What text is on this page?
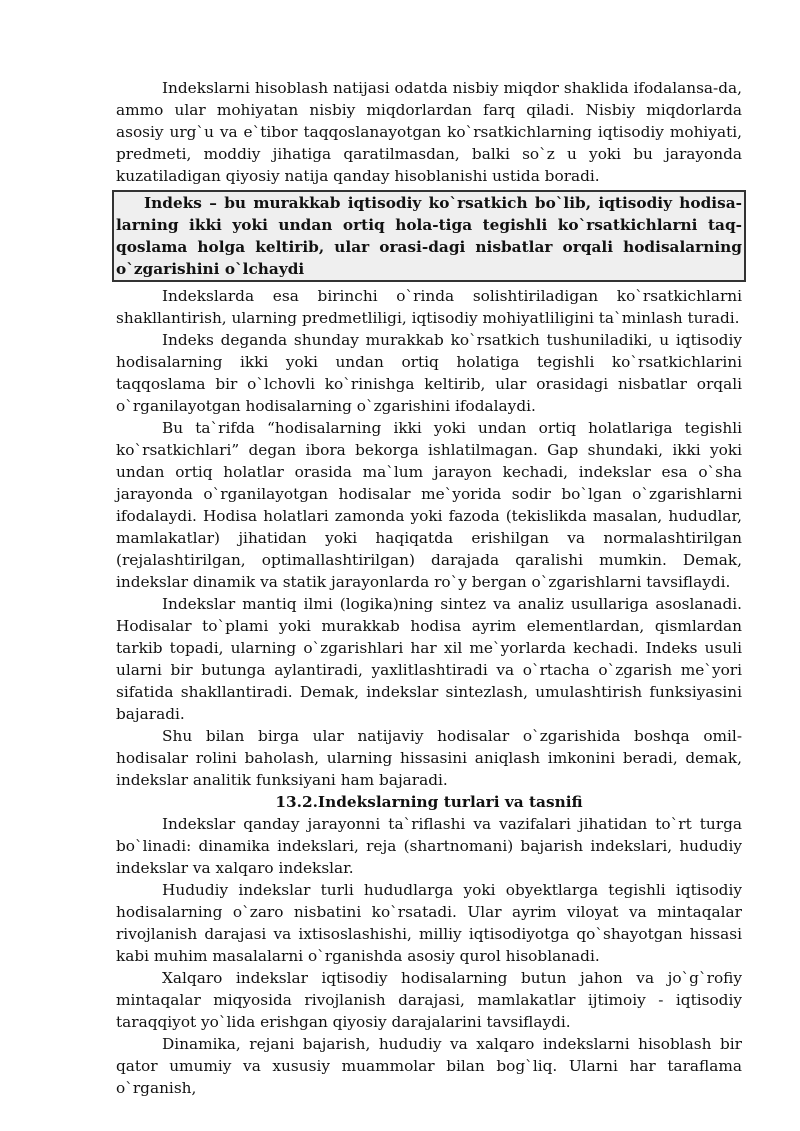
Indekslarni hisoblash natijasi odatda nisbiy miqdor shaklida ifodalansa-da, ammo ular mohiyatan nisbiy miqdorlardan farq qiladi. Nisbiy miqdorlarda asosiy urg`u va e`tibor taqqoslanayotgan ko`rsatkichlarning iqtisodiy mohiyati, predmeti, moddiy jihatiga qaratilmasdan, balki so`z u yoki bu jarayonda kuzatiladigan qiyosiy natija qanday hisoblanishi ustida boradi.

Indeks – bu murakkab iqtisodiy ko`rsatkich bo`lib, iqtisodiy hodisa-larning ikki yoki undan ortiq hola-tiga tegishli ko`rsatkichlarni taq-qoslama holga keltirib, ular orasi-dagi nisbatlar orqali hodisalarning o`zgarishini o`lchaydi

Indekslarda esa birinchi o`rinda solishtiriladigan ko`rsatkichlarni shakllantirish, ularning predmetliligi, iqtisodiy mohiyatliligini ta`minlash turadi.

Indeks deganda shunday murakkab ko`rsatkich tushuniladiki, u iqtisodiy hodisalarning ikki yoki undan ortiq holatiga tegishli ko`rsatkichlarini taqqoslama bir o`lchovli ko`rinishga keltirib, ular orasidagi nisbatlar orqali o`rganilayotgan hodisalarning o`zgarishini ifodalaydi.

Bu ta`rifda “hodisalarning ikki yoki undan ortiq holatlariga tegishli ko`rsatkichlari” degan ibora bekorga ishlatilmagan. Gap shundaki, ikki yoki undan ortiq holatlar orasida ma`lum jarayon kechadi, indekslar esa o`sha jarayonda o`rganilayotgan hodisalar me`yorida sodir bo`lgan o`zgarishlarni ifodalaydi. Hodisa holatlari zamonda yoki fazoda (tekislikda masalan, hududlar, mamlakatlar) jihatidan yoki haqiqatda erishilgan va normalashtirilgan (rejalashtirilgan, optimallashtirilgan) darajada qaralishi mumkin. Demak, indekslar dinamik va statik jarayonlarda ro`y bergan o`zgarishlarni tavsiflaydi.

Indekslar mantiq ilmi (logika)ning sintez va analiz usullariga asoslanadi. Hodisalar to`plami yoki murakkab hodisa ayrim elementlardan, qismlardan tarkib topadi, ularning o`zgarishlari har xil me`yorlarda kechadi. Indeks usuli ularni bir butunga aylantiradi, yaxlitlashtiradi va o`rtacha o`zgarish me`yori sifatida shakllantiradi. Demak, indekslar sintezlash, umulashtirish funksiyasini bajaradi.

Shu bilan birga ular natijaviy hodisalar o`zgarishida boshqa omil-hodisalar rolini baholash, ularning hissasini aniqlash imkonini beradi, demak, indekslar analitik funksiyani ham bajaradi.

13.2.Indekslarning turlari va tasnifi

Indekslar qanday jarayonni ta`riflashi va vazifalari jihatidan to`rt turga bo`linadi: dinamika indekslari, reja (shartnomani) bajarish indekslari, hududiy indekslar va xalqaro indekslar.

Hududiy indekslar turli hududlarga yoki obyektlarga tegishli iqtisodiy hodisalarning o`zaro nisbatini ko`rsatadi. Ular ayrim viloyat va mintaqalar rivojlanish darajasi va ixtisoslashishi, milliy iqtisodiyotga qo`shayotgan hissasi kabi muhim masalalarni o`rganishda asosiy qurol hisoblanadi.

Xalqaro indekslar iqtisodiy hodisalarning butun jahon va jo`g`rofiy mintaqalar miqyosida rivojlanish darajasi, mamlakatlar ijtimoiy - iqtisodiy taraqqiyot yo`lida erishgan qiyosiy darajalarini tavsiflaydi.

Dinamika, rejani bajarish, hududiy va xalqaro indekslarni hisoblash bir qator umumiy va xususiy muammolar bilan bog`liq. Ularni har taraflama o`rganish,
